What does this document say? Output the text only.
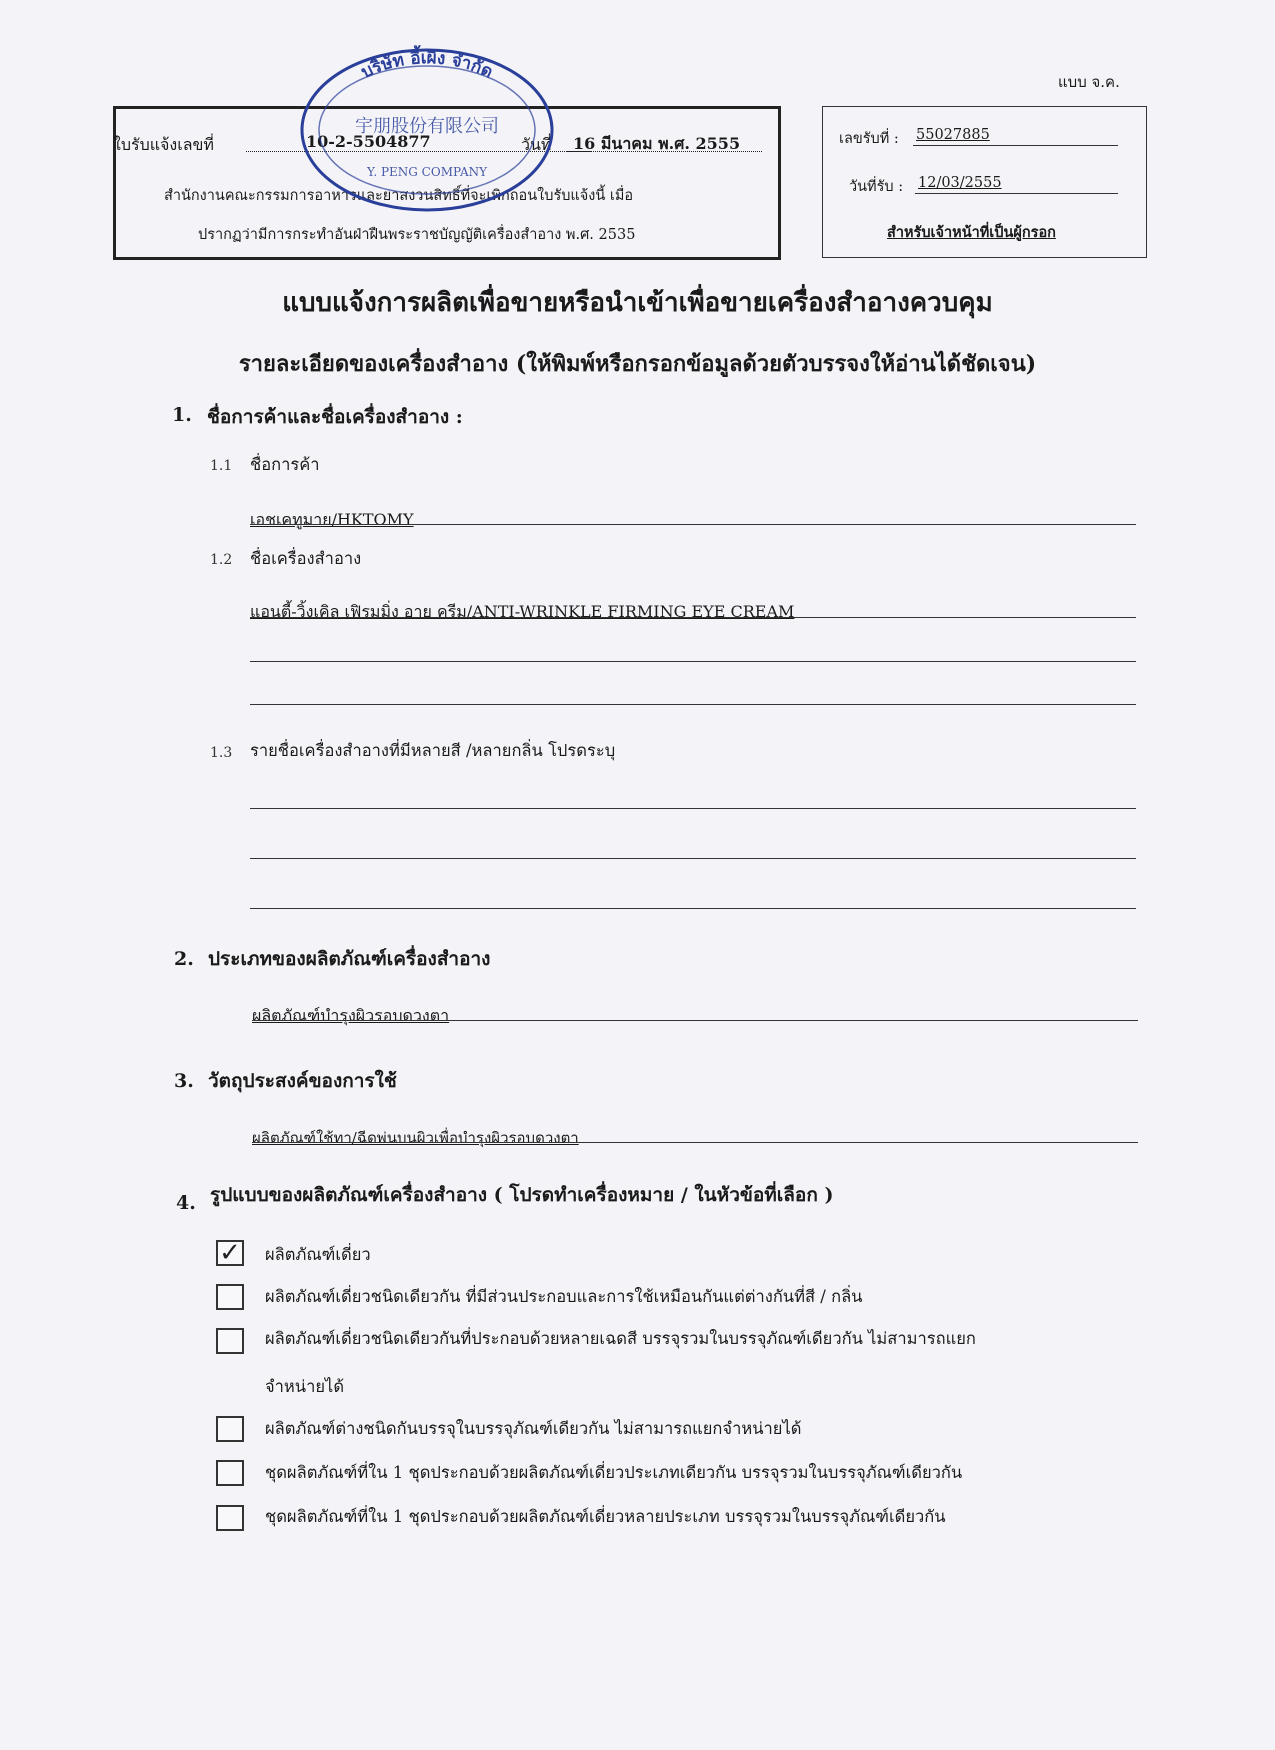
แบบ จ.ค.
ใบรับแจ้งเลขที่	10-2-5504877	วันที่ 16 มีนาคม พ.ศ. 2555
สำนักงานคณะกรรมการอาหารและยาสงวนสิทธิ์ที่จะเพิกถอนใบรับแจ้งนี้ เมื่อ
ปรากฏว่ามีการกระทำอันฝ่าฝืนพระราชบัญญัติเครื่องสำอาง พ.ศ. 2535
บริษัท อี้เผิง จำกัด
宇朋股份有限公司
Y. PENG COMPANY
เลขรับที่ : 55027885
วันที่รับ : 12/03/2555
สำหรับเจ้าหน้าที่เป็นผู้กรอก
แบบแจ้งการผลิตเพื่อขายหรือนำเข้าเพื่อขายเครื่องสำอางควบคุม
รายละเอียดของเครื่องสำอาง (ให้พิมพ์หรือกรอกข้อมูลด้วยตัวบรรจงให้อ่านได้ชัดเจน)
1. ชื่อการค้าและชื่อเครื่องสำอาง :
1.1 ชื่อการค้า
เอชเคทูมาย/HKTOMY
1.2 ชื่อเครื่องสำอาง
แอนตี้-วิ้งเคิล เฟิรมมิ่ง อาย ครีม/ANTI-WRINKLE FIRMING EYE CREAM
1.3 รายชื่อเครื่องสำอางที่มีหลายสี /หลายกลิ่น โปรดระบุ
2. ประเภทของผลิตภัณฑ์เครื่องสำอาง
ผลิตภัณฑ์บำรุงผิวรอบดวงตา
3. วัตถุประสงค์ของการใช้
ผลิตภัณฑ์ใช้ทา/ฉีดพ่นบนผิวเพื่อบำรุงผิวรอบดวงตา
4. รูปแบบของผลิตภัณฑ์เครื่องสำอาง ( โปรดทำเครื่องหมาย / ในหัวข้อที่เลือก )
✓ ผลิตภัณฑ์เดี่ยว
ผลิตภัณฑ์เดี่ยวชนิดเดียวกัน ที่มีส่วนประกอบและการใช้เหมือนกันแต่ต่างกันที่สี / กลิ่น
ผลิตภัณฑ์เดี่ยวชนิดเดียวกันที่ประกอบด้วยหลายเฉดสี บรรจุรวมในบรรจุภัณฑ์เดียวกัน ไม่สามารถแยก
จำหน่ายได้
ผลิตภัณฑ์ต่างชนิดกันบรรจุในบรรจุภัณฑ์เดียวกัน ไม่สามารถแยกจำหน่ายได้
ชุดผลิตภัณฑ์ที่ใน 1 ชุดประกอบด้วยผลิตภัณฑ์เดี่ยวประเภทเดียวกัน บรรจุรวมในบรรจุภัณฑ์เดียวกัน
ชุดผลิตภัณฑ์ที่ใน 1 ชุดประกอบด้วยผลิตภัณฑ์เดี่ยวหลายประเภท บรรจุรวมในบรรจุภัณฑ์เดียวกัน
